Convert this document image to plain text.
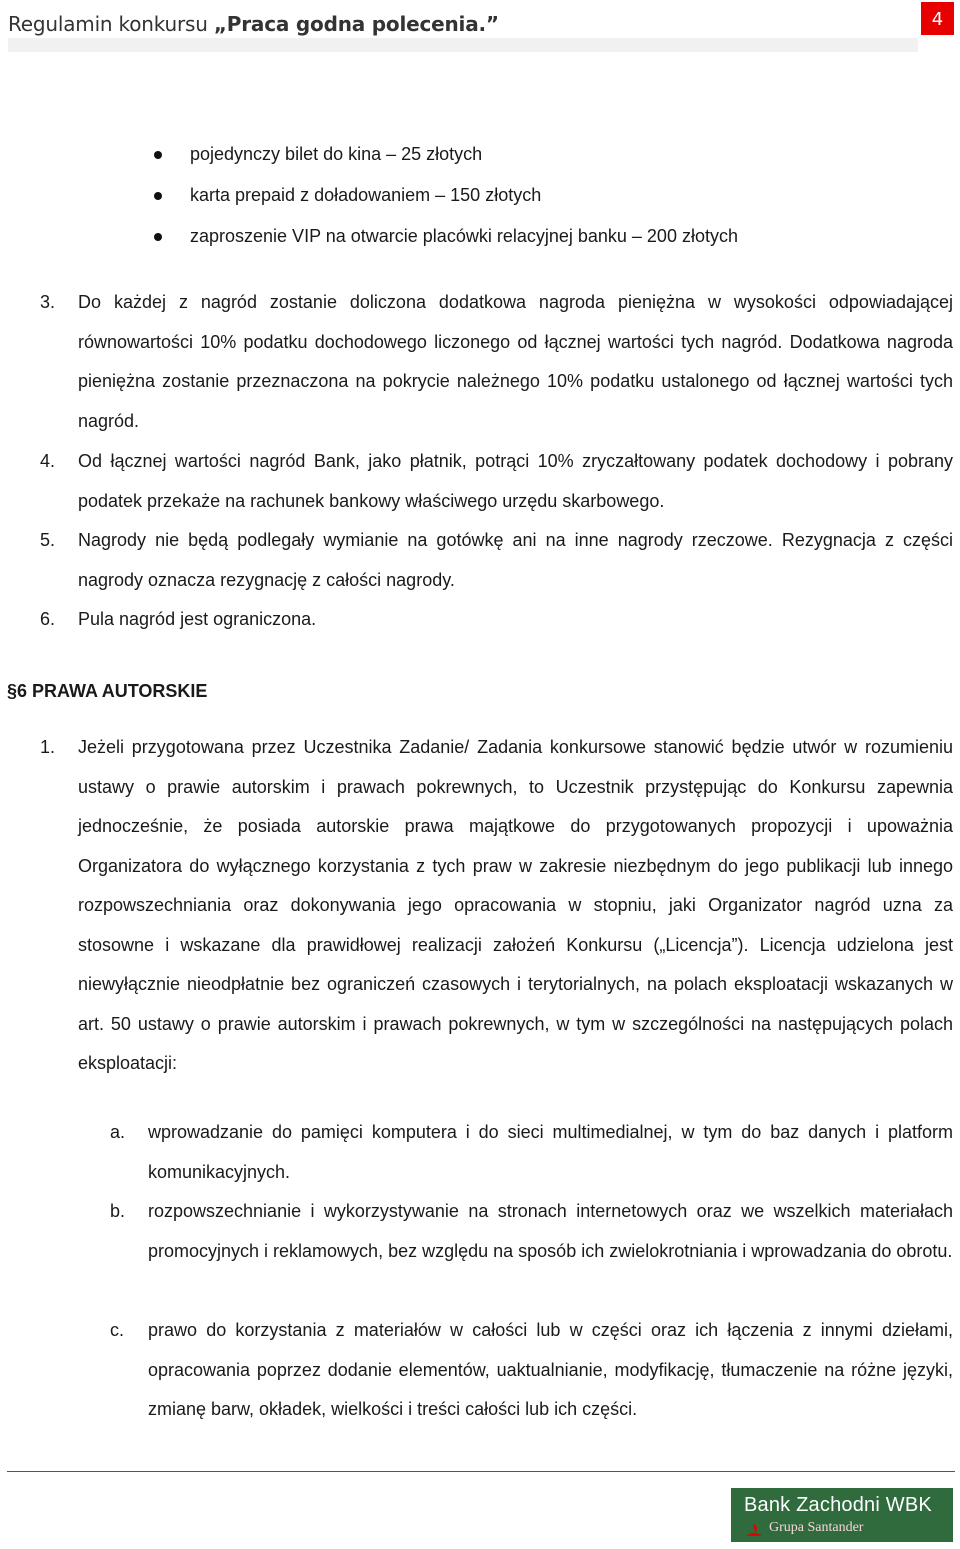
Regulamin konkursu „Praca godna polecenia.”	4
pojedynczy bilet do kina – 25 złotych
karta prepaid z doładowaniem – 150 złotych
zaproszenie VIP na otwarcie placówki relacyjnej banku – 200 złotych
3. Do każdej z nagród zostanie doliczona dodatkowa nagroda pieniężna w wysokości odpowiadającej równowartości 10% podatku dochodowego liczonego od łącznej wartości tych nagród. Dodatkowa nagroda pieniężna zostanie przeznaczona na pokrycie należnego 10% podatku ustalonego od łącznej wartości tych nagród.
4. Od łącznej wartości nagród Bank, jako płatnik, potrąci 10% zryczałtowany podatek dochodowy i pobrany podatek przekaże na rachunek bankowy właściwego urzędu skarbowego.
5. Nagrody nie będą podlegały wymianie na gotówkę ani na inne nagrody rzeczowe. Rezygnacja z części nagrody oznacza rezygnację z całości nagrody.
6. Pula nagród jest ograniczona.
§6 PRAWA AUTORSKIE
1. Jeżeli przygotowana przez Uczestnika Zadanie/ Zadania konkursowe stanowić będzie utwór w rozumieniu ustawy o prawie autorskim i prawach pokrewnych, to Uczestnik przystępując do Konkursu zapewnia jednocześnie, że posiada autorskie prawa majątkowe do przygotowanych propozycji i upoważnia Organizatora do wyłącznego korzystania z tych praw w zakresie niezbędnym do jego publikacji lub innego rozpowszechniania oraz dokonywania jego opracowania w stopniu, jaki Organizator nagród uzna za stosowne i wskazane dla prawidłowej realizacji założeń Konkursu („Licencja”). Licencja udzielona jest niewyłącznie nieodpłatnie bez ograniczeń czasowych i terytorialnych, na polach eksploatacji wskazanych w art. 50 ustawy o prawie autorskim i prawach pokrewnych, w tym w szczególności na następujących polach eksploatacji:
a. wprowadzanie do pamięci komputera i do sieci multimedialnej, w tym do baz danych i platform komunikacyjnych.
b. rozpowszechnianie i wykorzystywanie na stronach internetowych oraz we wszelkich materiałach promocyjnych i reklamowych, bez względu na sposób ich zwielokrotniania i wprowadzania do obrotu.
c. prawo do korzystania z materiałów w całości lub w części oraz ich łączenia z innymi dziełami, opracowania poprzez dodanie elementów, uaktualnianie, modyfikację, tłumaczenie na różne języki, zmianę barw, okładek, wielkości i treści całości lub ich części.
Bank Zachodni WBK
Grupa Santander
